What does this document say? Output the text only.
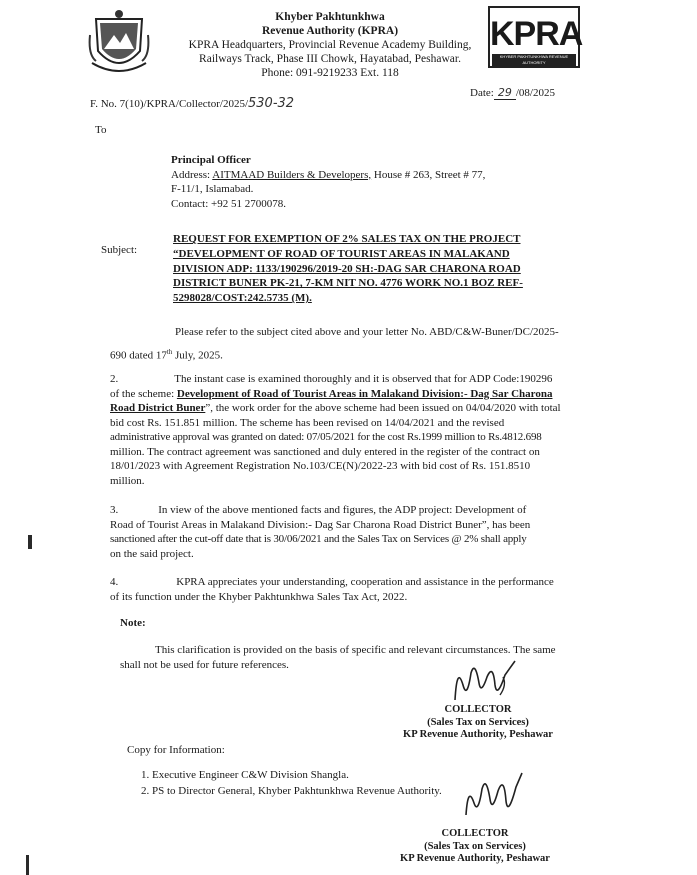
Khyber Pakhtunkhwa
Revenue Authority (KPRA)
KPRA Headquarters, Provincial Revenue Academy Building,
Railways Track, Phase III Chowk, Hayatabad, Peshawar.
Phone: 091-9219233 Ext. 118
KPRA
KHYBER PAKHTUNKHWA REVENUE AUTHORITY
F. No. 7(10)/KPRA/Collector/2025/530-32
Date: 29 /08/2025
To
Principal Officer
Address: AITMAAD Builders & Developers, House # 263, Street # 77,
F-11/1, Islamabad.
Contact: +92 51 2700078.
Subject:
REQUEST FOR EXEMPTION OF 2% SALES TAX ON THE PROJECT
“DEVELOPMENT OF ROAD OF TOURIST AREAS IN MALAKAND
DIVISION ADP: 1133/190296/2019-20 SH:-DAG SAR CHARONA ROAD
DISTRICT BUNER PK-21, 7-KM NIT NO. 4776 WORK NO.1 BOZ REF-
5298028/COST:242.5735 (M).
Please refer to the subject cited above and your letter No. ABD/C&W-Buner/DC/2025-
690 dated 17th July, 2025.
2.	The instant case is examined thoroughly and it is observed that for ADP Code:190296
of the scheme: Development of Road of Tourist Areas in Malakand Division:- Dag Sar Charona
Road District Buner”, the work order for the above scheme had been issued on 04/04/2020 with total
bid cost Rs. 151.851 million. The scheme has been revised on 14/04/2021 and the revised
administrative approval was granted on dated: 07/05/2021 for the cost Rs.1999 million to Rs.4812.698
million. The contract agreement was sanctioned and duly entered in the register of the contract on
18/01/2023 with Agreement Registration No.103/CE(N)/2022-23 with bid cost of Rs. 151.8510
million.
3.	In view of the above mentioned facts and figures, the ADP project: Development of
Road of Tourist Areas in Malakand Division:- Dag Sar Charona Road District Buner”, has been
sanctioned after the cut-off date that is 30/06/2021 and the Sales Tax on Services @ 2% shall apply
on the said project.
4.	KPRA appreciates your understanding, cooperation and assistance in the performance
of its function under the Khyber Pakhtunkhwa Sales Tax Act, 2022.
Note:
This clarification is provided on the basis of specific and relevant circumstances. The same
shall not be used for future references.
COLLECTOR
(Sales Tax on Services)
KP Revenue Authority, Peshawar
Copy for Information:
1. Executive Engineer C&W Division Shangla.
2. PS to Director General, Khyber Pakhtunkhwa Revenue Authority.
COLLECTOR
(Sales Tax on Services)
KP Revenue Authority, Peshawar
